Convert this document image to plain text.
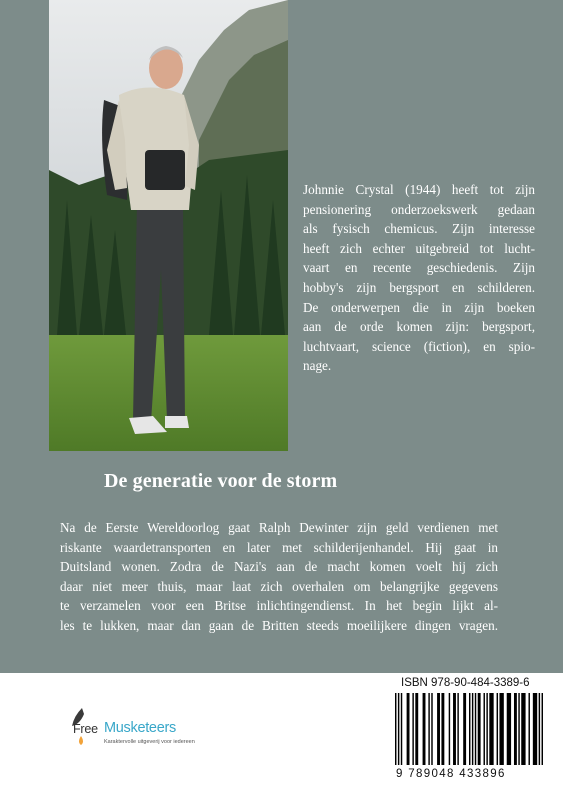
Johnnie Crystal (1944) heeft tot zijn
pensionering onderzoekswerk gedaan
als fysisch chemicus. Zijn interesse
heeft zich echter uitgebreid tot lucht-
vaart en recente geschiedenis. Zijn
hobby's zijn bergsport en schilderen.
De onderwerpen die in zijn boeken
aan de orde komen zijn: bergsport,
luchtvaart, science (fiction), en spio-
nage.
De generatie voor de storm
Na de Eerste Wereldoorlog gaat Ralph Dewinter zijn geld verdienen met
riskante waardetransporten en later met schilderijenhandel. Hij gaat in
Duitsland wonen. Zodra de Nazi's aan de macht komen voelt hij zich
daar niet meer thuis, maar laat zich overhalen om belangrijke gegevens
te verzamelen voor een Britse inlichtingendienst. In het begin lijkt al-
les te lukken, maar dan gaan de Britten steeds moeilijkere dingen vragen.
Free Musketeers
Karaktervolle uitgeverij voor iedereen
ISBN 978-90-484-3389-6
9 789048 433896
